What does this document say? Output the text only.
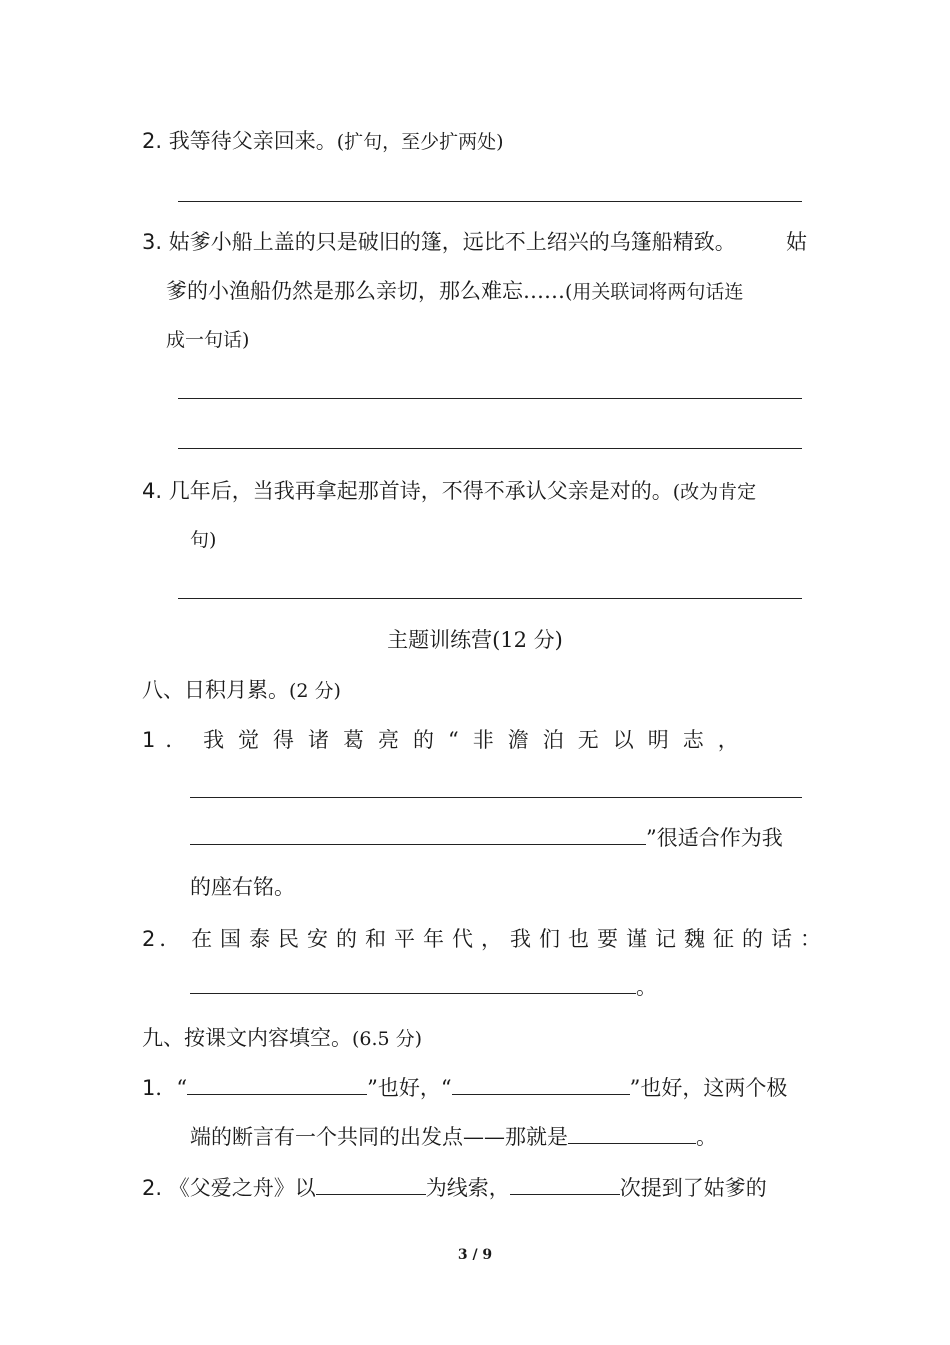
2. 我等待父亲回来。(扩句，至少扩两处)
3. 姑爹小船上盖的只是破旧的篷，远比不上绍兴的乌篷船精致。 姑
爹的小渔船仍然是那么亲切，那么难忘……(用关联词将两句话连
成一句话)
4. 几年后，当我再拿起那首诗，不得不承认父亲是对的。(改为肯定
句)
主题训练营(12 分)
八、日积月累。(2 分)
1． 我觉得诸葛亮的“非澹泊无以明志，
”很适合作为我
的座右铭。
2． 在国泰民安的和平年代，我们也要谨记魏征的话：
。
九、按课文内容填空。(6.5 分)
1．“	”也好，“	”也好，这两个极
端的断言有一个共同的出发点——那就是	。
2. 《父爱之舟》以	为线索，	次提到了姑爹的
3 / 9
